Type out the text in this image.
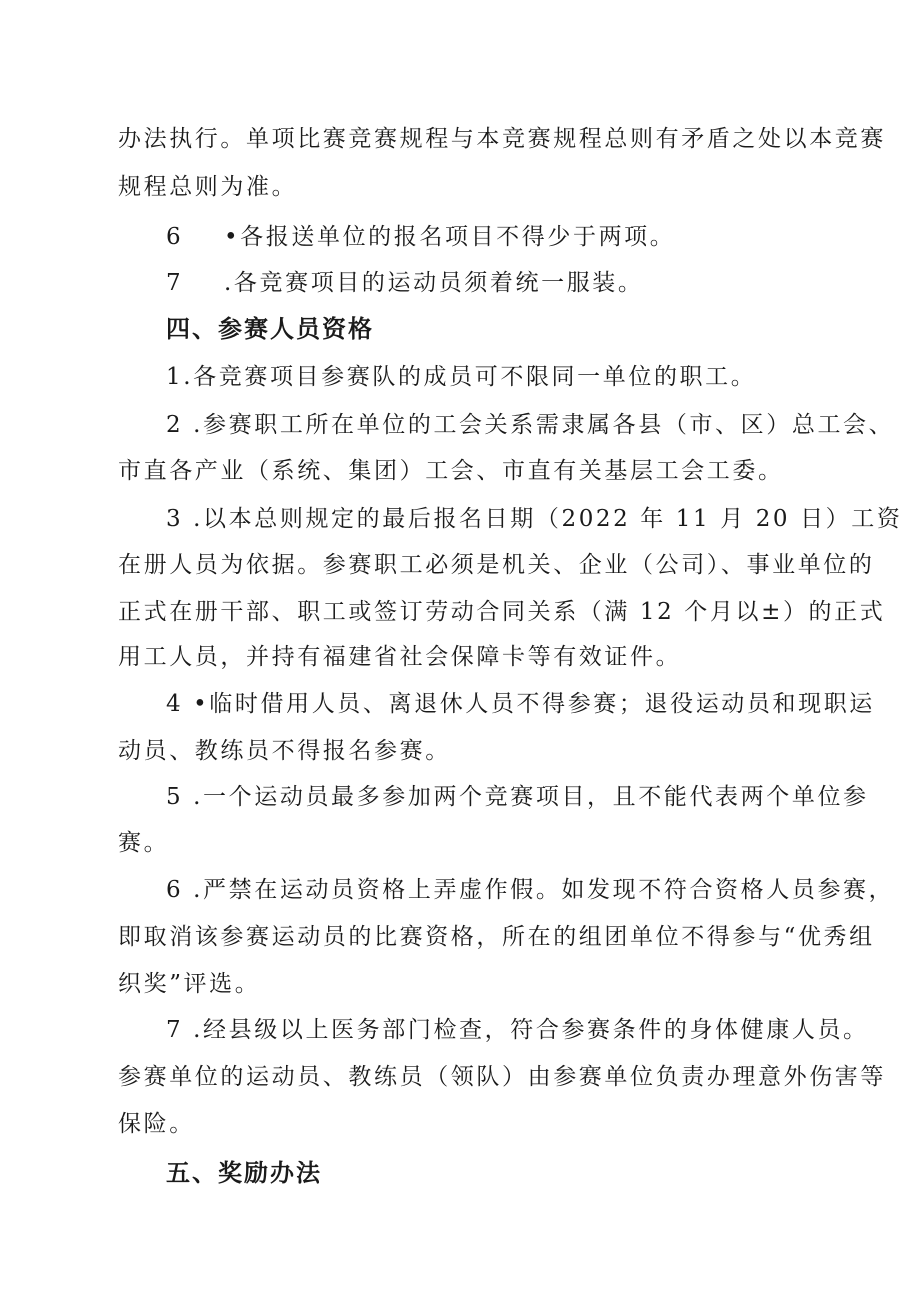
办法执行。单项比赛竞赛规程与本竞赛规程总则有矛盾之处以本竞赛
规程总则为准。
6 •各报送单位的报名项目不得少于两项。
7 .各竞赛项目的运动员须着统一服装。
四、参赛人员资格
1.各竞赛项目参赛队的成员可不限同一单位的职工。
2 .参赛职工所在单位的工会关系需隶属各县（市、区）总工会、
市直各产业（系统、集团）工会、市直有关基层工会工委。
3 .以本总则规定的最后报名日期（2022 年 11 月 20 日）工资
在册人员为依据。参赛职工必须是机关、企业（公司）、事业单位的
正式在册干部、职工或签订劳动合同关系（满 12 个月以±）的正式
用工人员，并持有福建省社会保障卡等有效证件。
4 •临时借用人员、离退休人员不得参赛；退役运动员和现职运
动员、教练员不得报名参赛。
5 .一个运动员最多参加两个竞赛项目，且不能代表两个单位参
赛。
6 .严禁在运动员资格上弄虚作假。如发现不符合资格人员参赛，
即取消该参赛运动员的比赛资格，所在的组团单位不得参与“优秀组
织奖”评选。
7 .经县级以上医务部门检查，符合参赛条件的身体健康人员。
参赛单位的运动员、教练员（领队）由参赛单位负责办理意外伤害等
保险。
五、奖励办法
